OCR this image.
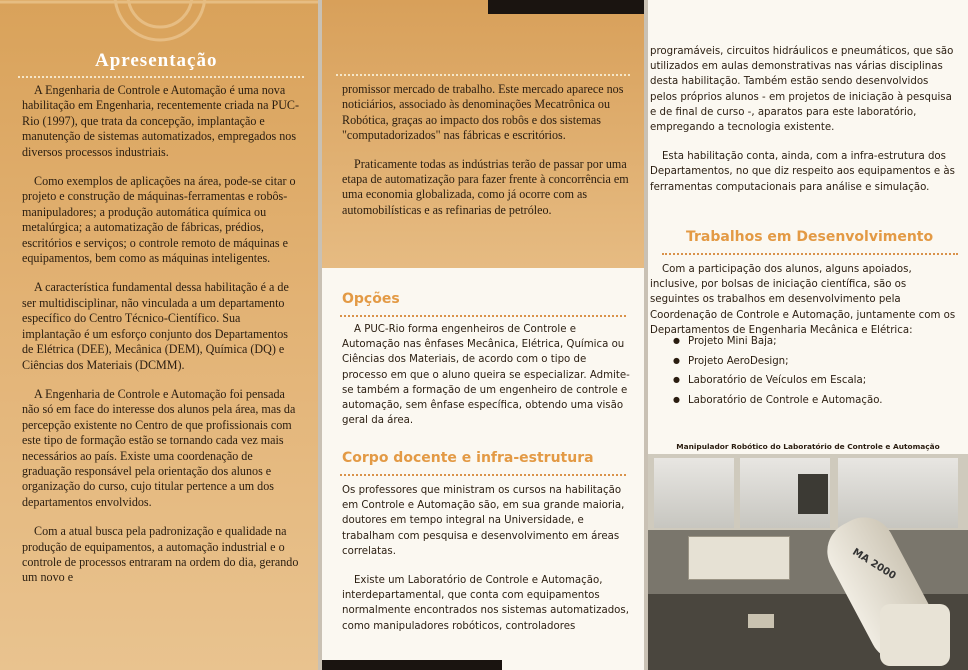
Apresentação

A Engenharia de Controle e Automação é uma nova habilitação em Engenharia, recentemente criada na PUC-Rio (1997), que trata da concepção, implantação e manutenção de sistemas automatizados, empregados nos diversos processos industriais.

Como exemplos de aplicações na área, pode-se citar o projeto e construção de máquinas-ferramentas e robôs-manipuladores; a produção automática química ou metalúrgica; a automatização de fábricas, prédios, escritórios e serviços; o controle remoto de máquinas e equipamentos, bem como as máquinas inteligentes.

A característica fundamental dessa habilitação é a de ser multidisciplinar, não vinculada a um departamento específico do Centro Técnico-Científico. Sua implantação é um esforço conjunto dos Departamentos de Elétrica (DEE), Mecânica (DEM), Química (DQ) e Ciências dos Materiais (DCMM).

A Engenharia de Controle e Automação foi pensada não só em face do interesse dos alunos pela área, mas da percepção existente no Centro de que profissionais com este tipo de formação estão se tornando cada vez mais necessários ao país. Existe uma coordenação de graduação responsável pela orientação dos alunos e organização do curso, cujo titular pertence a um dos departamentos envolvidos.

Com a atual busca pela padronização e qualidade na produção de equipamentos, a automação industrial e o controle de processos entraram na ordem do dia, gerando um novo e

promissor mercado de trabalho. Este mercado aparece nos noticiários, associado às denominações Mecatrônica ou Robótica, graças ao impacto dos robôs e dos sistemas "computadorizados" nas fábricas e escritórios.

Praticamente todas as indústrias terão de passar por uma etapa de automatização para fazer frente à concorrência em uma economia globalizada, como já ocorre com as automobilísticas e as refinarias de petróleo.

Opções

A PUC-Rio forma engenheiros de Controle e Automação nas ênfases Mecânica, Elétrica, Química ou Ciências dos Materiais, de acordo com o tipo de processo em que o aluno queira se especializar. Admite-se também a formação de um engenheiro de controle e automação, sem ênfase específica, obtendo uma visão geral da área.

Corpo docente e infra-estrutura

Os professores que ministram os cursos na habilitação em Controle e Automação são, em sua grande maioria, doutores em tempo integral na Universidade, e trabalham com pesquisa e desenvolvimento em áreas correlatas.

Existe um Laboratório de Controle e Automação, interdepartamental, que conta com equipamentos normalmente encontrados nos sistemas automatizados, como manipuladores robóticos, controladores

programáveis, circuitos hidráulicos e pneumáticos, que são utilizados em aulas demonstrativas nas várias disciplinas desta habilitação. Também estão sendo desenvolvidos pelos próprios alunos - em projetos de iniciação à pesquisa e de final de curso -, aparatos para este laboratório, empregando a tecnologia existente.

Esta habilitação conta, ainda, com a infra-estrutura dos Departamentos, no que diz respeito aos equipamentos e às ferramentas computacionais para análise e simulação.

Trabalhos em Desenvolvimento

Com a participação dos alunos, alguns apoiados, inclusive, por bolsas de iniciação científica, são os seguintes os trabalhos em desenvolvimento pela Coordenação de Controle e Automação, juntamente com os Departamentos de Engenharia Mecânica e Elétrica:

● Projeto Mini Baja;
● Projeto AeroDesign;
● Laboratório de Veículos em Escala;
● Laboratório de Controle e Automação.
Manipulador Robótico do Laboratório de Controle e Automação
MA 2000
